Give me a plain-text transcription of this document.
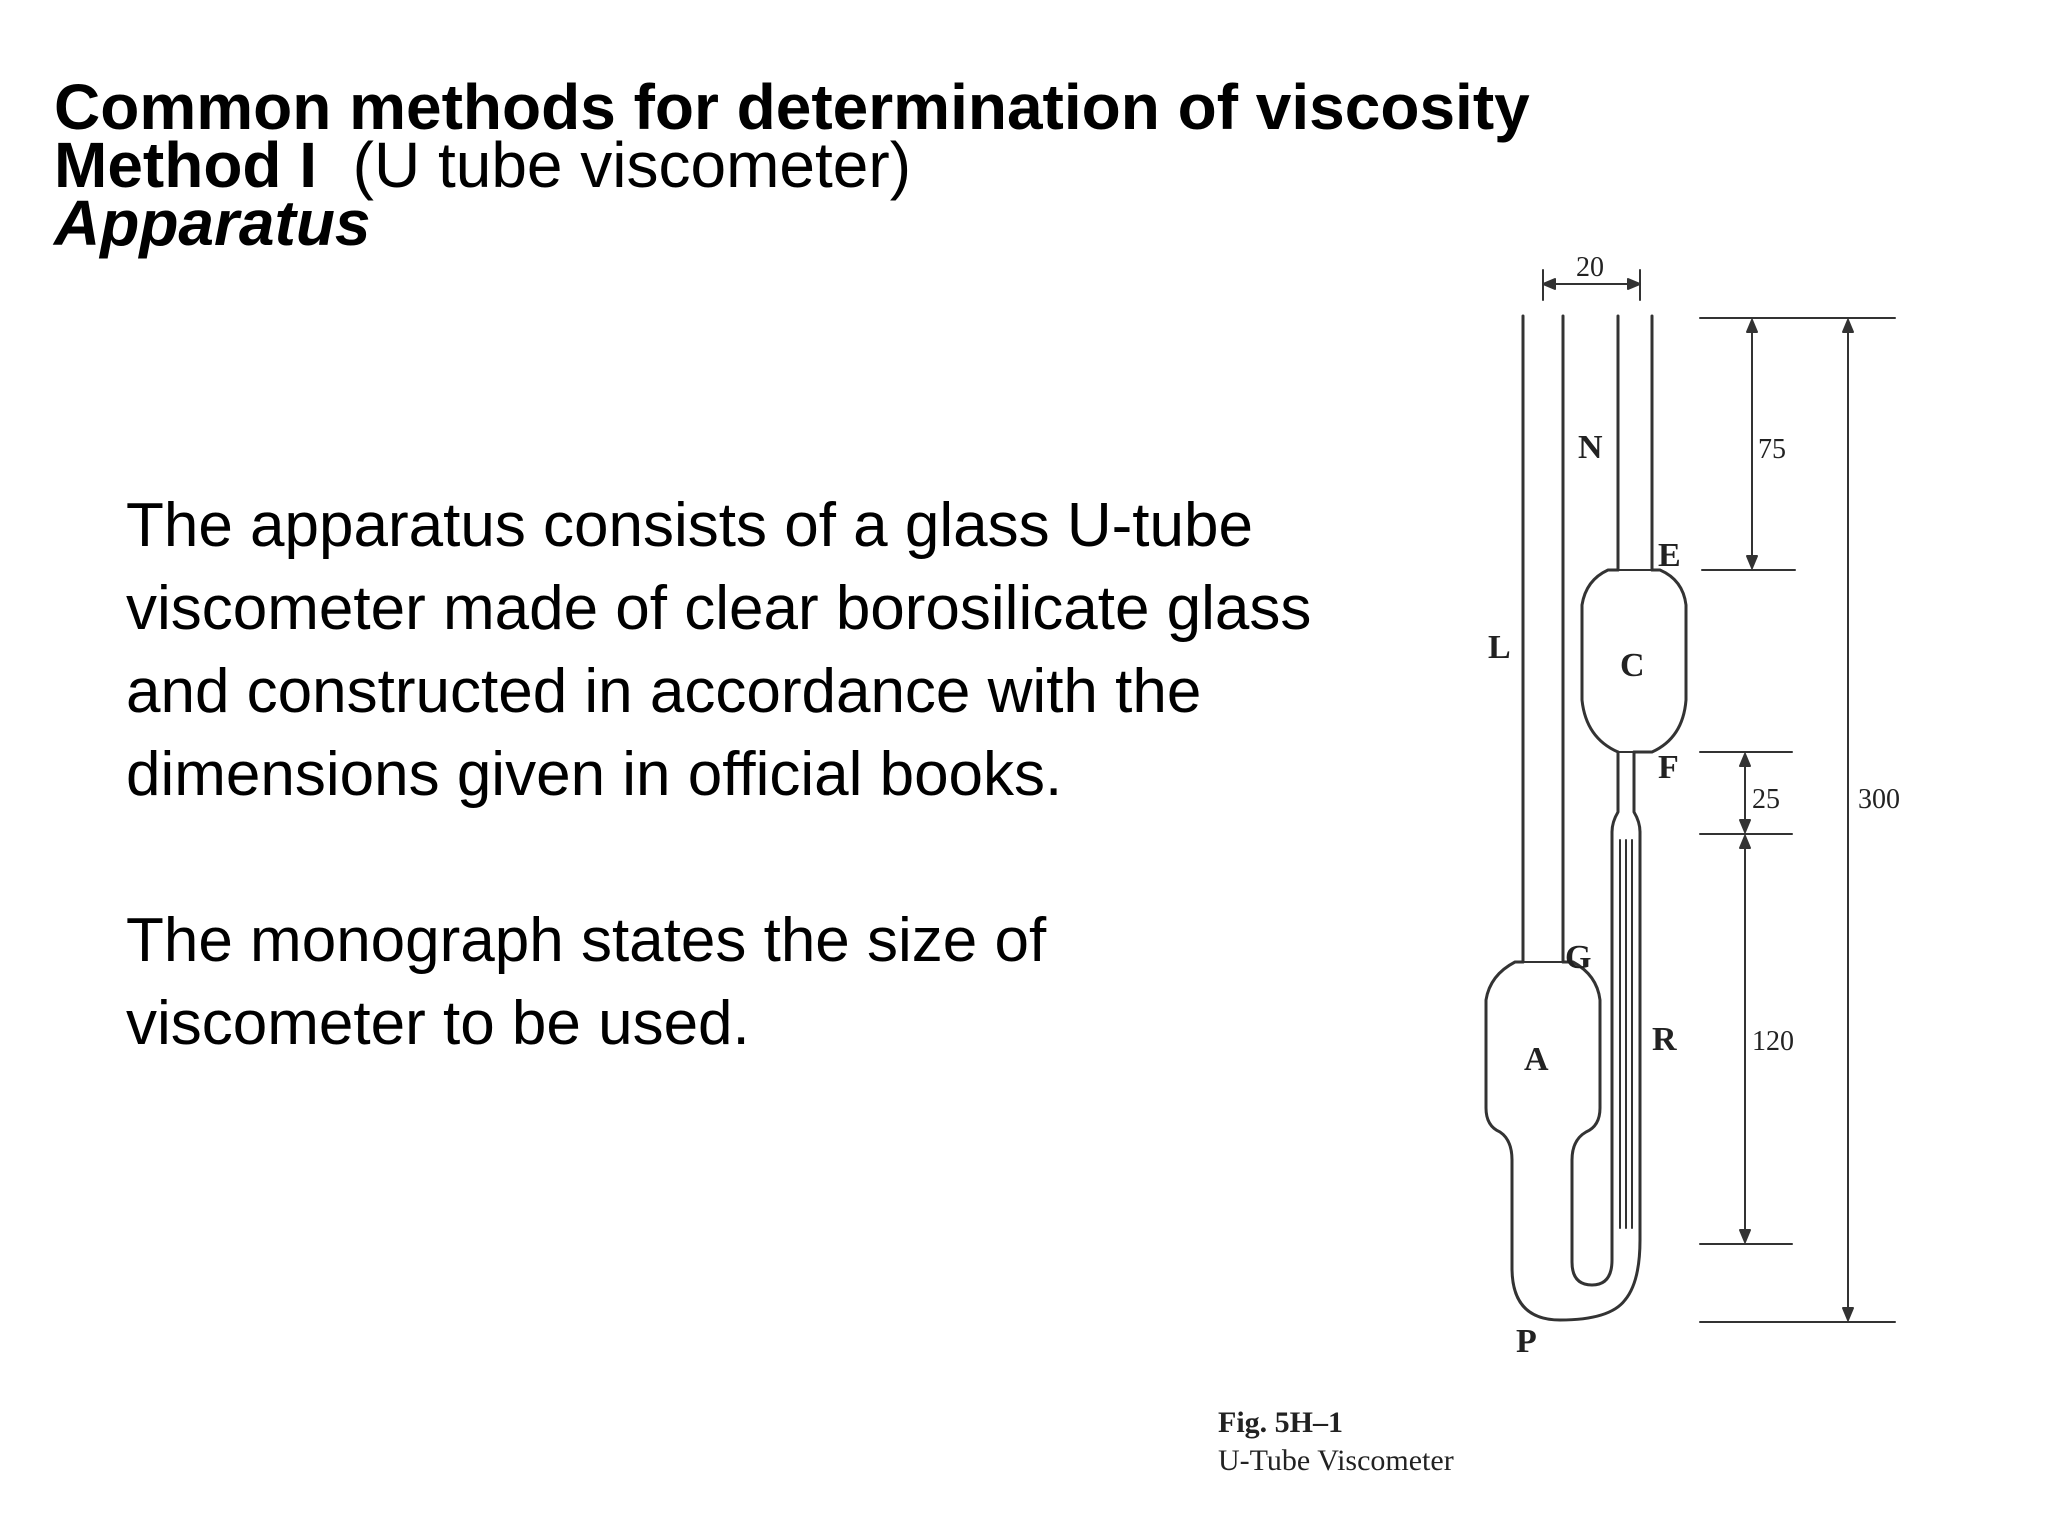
Common methods for determination of viscosity
Method I (U tube viscometer)
Apparatus

The apparatus consists of a glass U-tube viscometer made of clear borosilicate glass and constructed in accordance with the dimensions given in official books.

The monograph states the size of viscometer to be used.

N
E
L	C
F
G
A
R
P
20
75
25	300
120
Fig. 5H–1
U-Tube Viscometer
